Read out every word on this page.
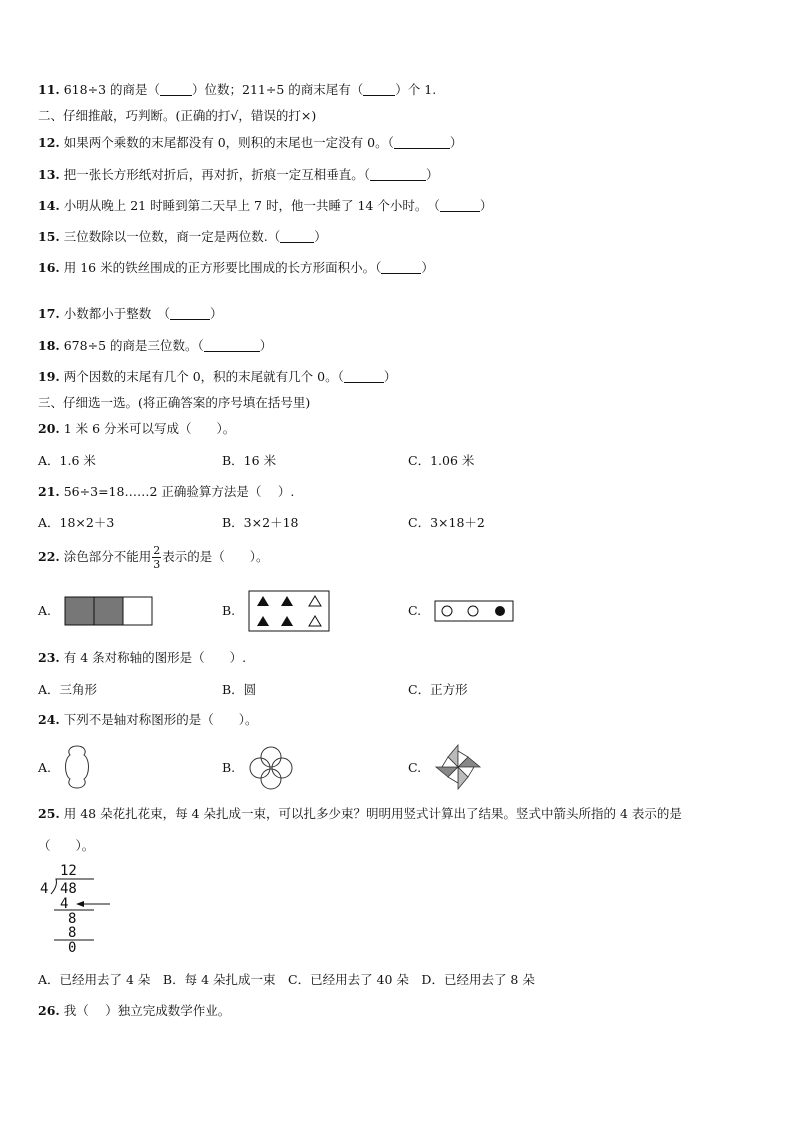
11. 618÷3 的商是（	）位数；211÷5 的商末尾有（	）个 1.
二、仔细推敲，巧判断。(正确的打√，错误的打×)
12. 如果两个乘数的末尾都没有 0，则积的末尾也一定没有 0。（	）
13. 把一张长方形纸对折后，再对折，折痕一定互相垂直。（	）
14. 小明从晚上 21 时睡到第二天早上 7 时，他一共睡了 14 个小时。　（	）
15. 三位数除以一位数，商一定是两位数.（	）
16. 用 16 米的铁丝围成的正方形要比围成的长方形面积小。（	）
17. 小数都小于整数　（	）
18. 678÷5 的商是三位数。（	）
19. 两个因数的末尾有几个 0，积的末尾就有几个 0。（	）
三、仔细选一选。(将正确答案的序号填在括号里)
20. 1 米 6 分米可以写成（　　）。
A．1.6 米	B．16 米	C．1.06 米
21. 56÷3=18……2 正确验算方法是（　 ）.
A．18×2＋3	B．3×2＋18	C．3×18＋2
22. 涂色部分不能用 $\frac{2}{3}$ 表示的是（　　）。
A.	B.	C.
23. 有 4 条对称轴的图形是（　　）.
A．三角形	B．圆	C．正方形
24. 下列不是轴对称图形的是（　　）。
A.	B.	C.
25. 用 48 朵花扎花束，每 4 朵扎成一束，可以扎多少束？明明用竖式计算出了结果。竖式中箭头所指的 4 表示的是
（　　）。
12
4 48
4
8
8
0
A．已经用去了 4 朵　B．每 4 朵扎成一束　C．已经用去了 40 朵　D．已经用去了 8 朵
26. 我（　 ）独立完成数学作业。
